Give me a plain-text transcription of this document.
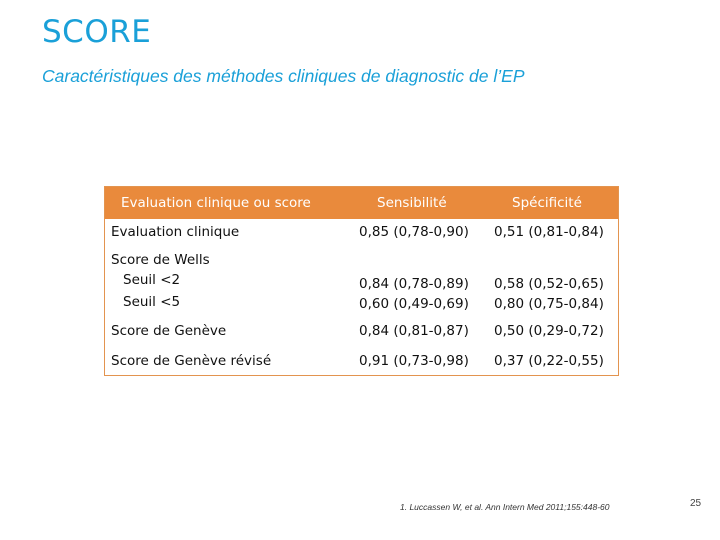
SCORE
Caractéristiques des méthodes cliniques de diagnostic de l’EP
Evaluation clinique ou score	Sensibilité	Spécificité
Evaluation clinique	0,85 (0,78-0,90) 0,51 (0,81-0,84)
Score de Wells
Seuil <2	0,84 (0,78-0,89) 0,58 (0,52-0,65)
Seuil <5	0,60 (0,49-0,69) 0,80 (0,75-0,84)
Score de Genève	0,84 (0,81-0,87) 0,50 (0,29-0,72)
Score de Genève révisé	0,91 (0,73-0,98) 0,37 (0,22-0,55)
1. Luccassen W, et al. Ann Intern Med 2011;155:448-60	25
